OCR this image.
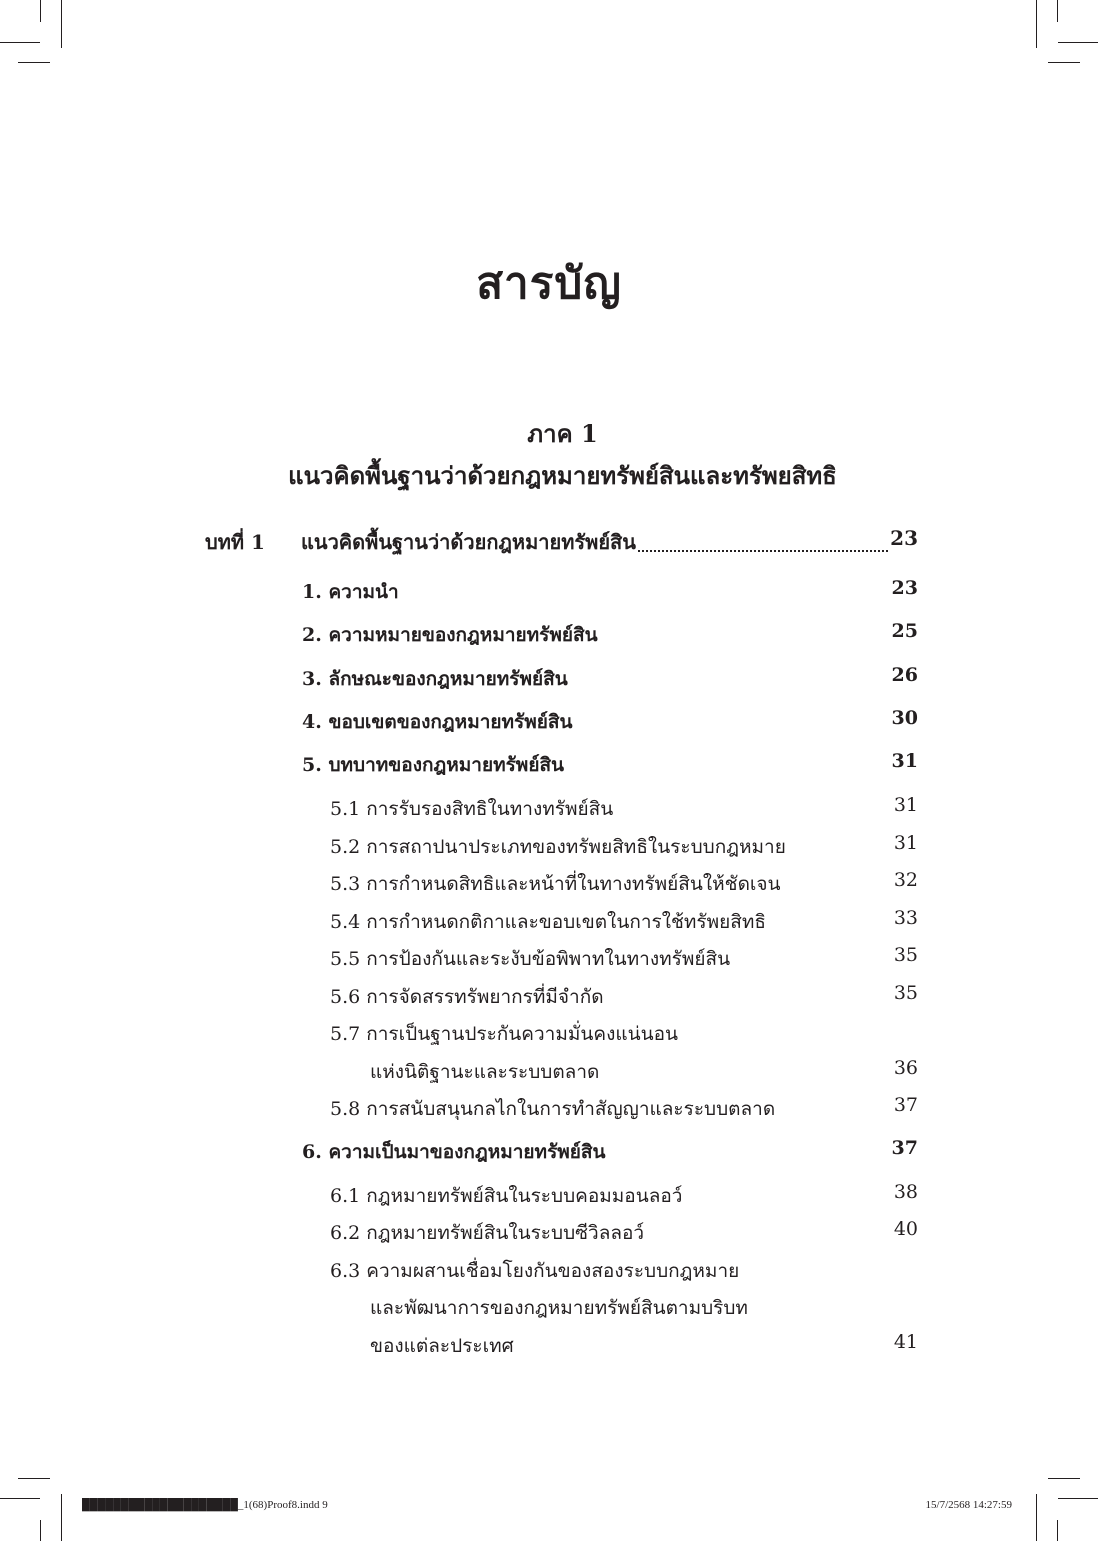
สารบัญ
ภาค 1
แนวคิดพื้นฐานว่าด้วยกฎหมายทรัพย์สินและทรัพยสิทธิ
บทที่ 1 แนวคิดพื้นฐานว่าด้วยกฎหมายทรัพย์สิน	23
1. ความนำ	23
2. ความหมายของกฎหมายทรัพย์สิน	25
3. ลักษณะของกฎหมายทรัพย์สิน	26
4. ขอบเขตของกฎหมายทรัพย์สิน	30
5. บทบาทของกฎหมายทรัพย์สิน	31
5.1 การรับรองสิทธิในทางทรัพย์สิน	31
5.2 การสถาปนาประเภทของทรัพยสิทธิในระบบกฎหมาย	31
5.3 การกำหนดสิทธิและหน้าที่ในทางทรัพย์สินให้ชัดเจน	32
5.4 การกำหนดกติกาและขอบเขตในการใช้ทรัพยสิทธิ	33
5.5 การป้องกันและระงับข้อพิพาทในทางทรัพย์สิน	35
5.6 การจัดสรรทรัพยากรที่มีจำกัด	35
5.7 การเป็นฐานประกันความมั่นคงแน่นอน
แห่งนิติฐานะและระบบตลาด	36
5.8 การสนับสนุนกลไกในการทำสัญญาและระบบตลาด	37
6. ความเป็นมาของกฎหมายทรัพย์สิน	37
6.1 กฎหมายทรัพย์สินในระบบคอมมอนลอว์	38
6.2 กฎหมายทรัพย์สินในระบบซีวิลลอว์	40
6.3 ความผสานเชื่อมโยงกันของสองระบบกฎหมาย
และพัฒนาการของกฎหมายทรัพย์สินตามบริบท
ของแต่ละประเทศ	41
████████████████████_1(68)Proof8.indd 9	15/7/2568 14:27:59
